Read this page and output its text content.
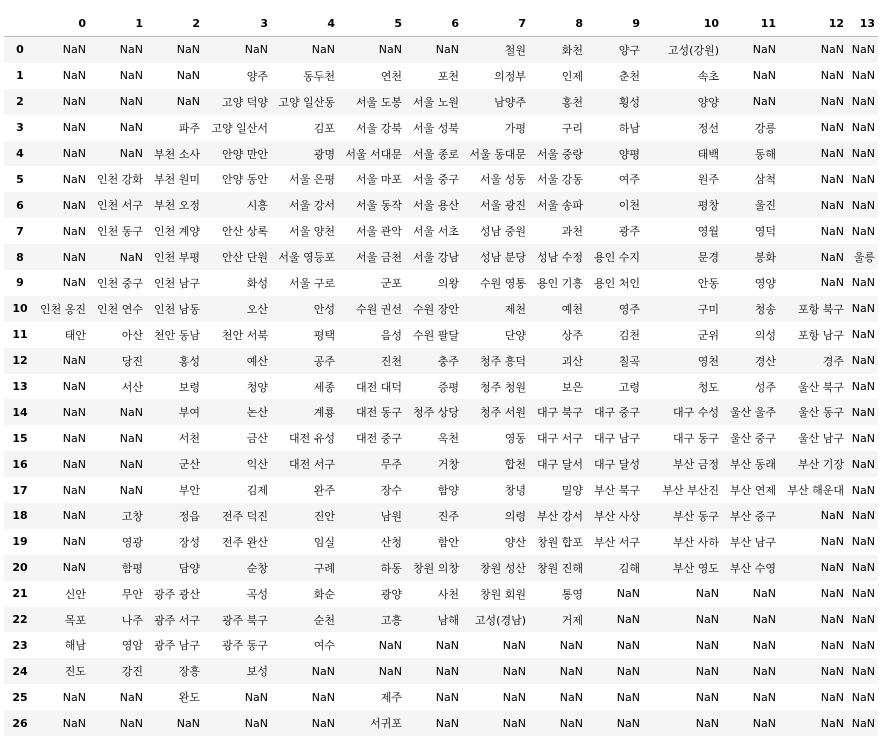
	0	1	2	3	4	5	6	7	8	9	10	11	12	13
0	NaN	NaN	NaN	NaN	NaN	NaN	NaN	철원	화천	양구	고성(강원)	NaN	NaN	NaN
1	NaN	NaN	NaN	양주	동두천	연천	포천	의정부	인제	춘천	속초	NaN	NaN	NaN
2	NaN	NaN	NaN	고양 덕양	고양 일산동	서울 도봉	서울 노원	남양주	홍천	횡성	양양	NaN	NaN	NaN
3	NaN	NaN	파주	고양 일산서	김포	서울 강북	서울 성북	가평	구리	하남	정선	강릉	NaN	NaN
4	NaN	NaN	부천 소사	안양 만안	광명	서울 서대문	서울 종로	서울 동대문	서울 중랑	양평	태백	동해	NaN	NaN
5	NaN	인천 강화	부천 원미	안양 동안	서울 은평	서울 마포	서울 중구	서울 성동	서울 강동	여주	원주	삼척	NaN	NaN
6	NaN	인천 서구	부천 오정	시흥	서울 강서	서울 동작	서울 용산	서울 광진	서울 송파	이천	평창	울진	NaN	NaN
7	NaN	인천 동구	인천 계양	안산 상록	서울 양천	서울 관악	서울 서초	성남 중원	과천	광주	영월	영덕	NaN	NaN
8	NaN	NaN	인천 부평	안산 단원	서울 영등포	서울 금천	서울 강남	성남 분당	성남 수정	용인 수지	문경	봉화	NaN	울릉
9	NaN	인천 중구	인천 남구	화성	서울 구로	군포	의왕	수원 영통	용인 기흥	용인 처인	안동	영양	NaN	NaN
10	인천 옹진	인천 연수	인천 남동	오산	안성	수원 권선	수원 장안	제천	예천	영주	구미	청송	포항 북구	NaN
11	태안	아산	천안 동남	천안 서북	평택	음성	수원 팔달	단양	상주	김천	군위	의성	포항 남구	NaN
12	NaN	당진	홍성	예산	공주	진천	충주	청주 흥덕	괴산	칠곡	영천	경산	경주	NaN
13	NaN	서산	보령	청양	세종	대전 대덕	증평	청주 청원	보은	고령	청도	성주	울산 북구	NaN
14	NaN	NaN	부여	논산	계룡	대전 동구	청주 상당	청주 서원	대구 북구	대구 중구	대구 수성	울산 울주	울산 동구	NaN
15	NaN	NaN	서천	금산	대전 유성	대전 중구	옥천	영동	대구 서구	대구 남구	대구 동구	울산 중구	울산 남구	NaN
16	NaN	NaN	군산	익산	대전 서구	무주	거창	합천	대구 달서	대구 달성	부산 금정	부산 동래	부산 기장	NaN
17	NaN	NaN	부안	김제	완주	장수	함양	창녕	밀양	부산 북구	부산 부산진	부산 연제	부산 해운대	NaN
18	NaN	고창	정읍	전주 덕진	진안	남원	진주	의령	부산 강서	부산 사상	부산 동구	부산 중구	NaN	NaN
19	NaN	영광	장성	전주 완산	임실	산청	함안	양산	창원 합포	부산 서구	부산 사하	부산 남구	NaN	NaN
20	NaN	함평	담양	순창	구례	하동	창원 의창	창원 성산	창원 진해	김해	부산 영도	부산 수영	NaN	NaN
21	신안	무안	광주 광산	곡성	화순	광양	사천	창원 회원	통영	NaN	NaN	NaN	NaN	NaN
22	목포	나주	광주 서구	광주 북구	순천	고흥	남해	고성(경남)	거제	NaN	NaN	NaN	NaN	NaN
23	해남	영암	광주 남구	광주 동구	여수	NaN	NaN	NaN	NaN	NaN	NaN	NaN	NaN	NaN
24	진도	강진	장흥	보성	NaN	NaN	NaN	NaN	NaN	NaN	NaN	NaN	NaN	NaN
25	NaN	NaN	완도	NaN	NaN	제주	NaN	NaN	NaN	NaN	NaN	NaN	NaN	NaN
26	NaN	NaN	NaN	NaN	NaN	서귀포	NaN	NaN	NaN	NaN	NaN	NaN	NaN	NaN
